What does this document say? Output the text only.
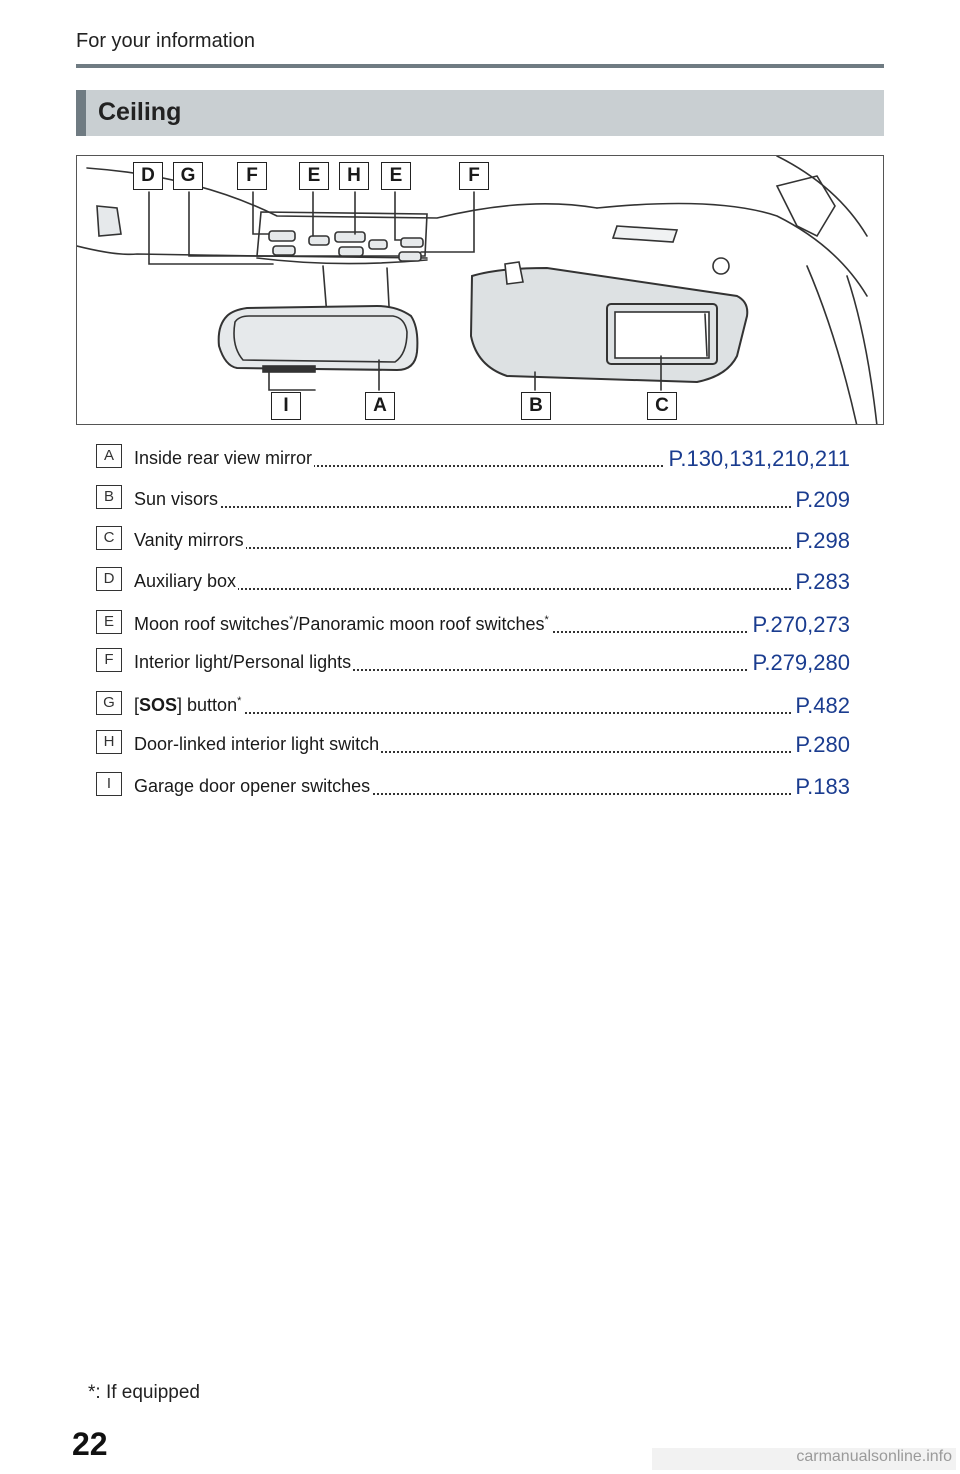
For your information
Ceiling
D	G	F	E	H	E	F
I	A	B	C
A	Inside rear view mirror	P.130,131,210,211
B	Sun visors	P.209
C	Vanity mirrors	P.298
D	Auxiliary box	P.283
E	Moon roof switches*/Panoramic moon roof switches*	P.270,273
F	Interior light/Personal lights	P.279,280
G	[SOS] button*	P.482
H	Door-linked interior light switch	P.280
I	Garage door opener switches	P.183
*: If equipped
22	carmanualsonline.info
